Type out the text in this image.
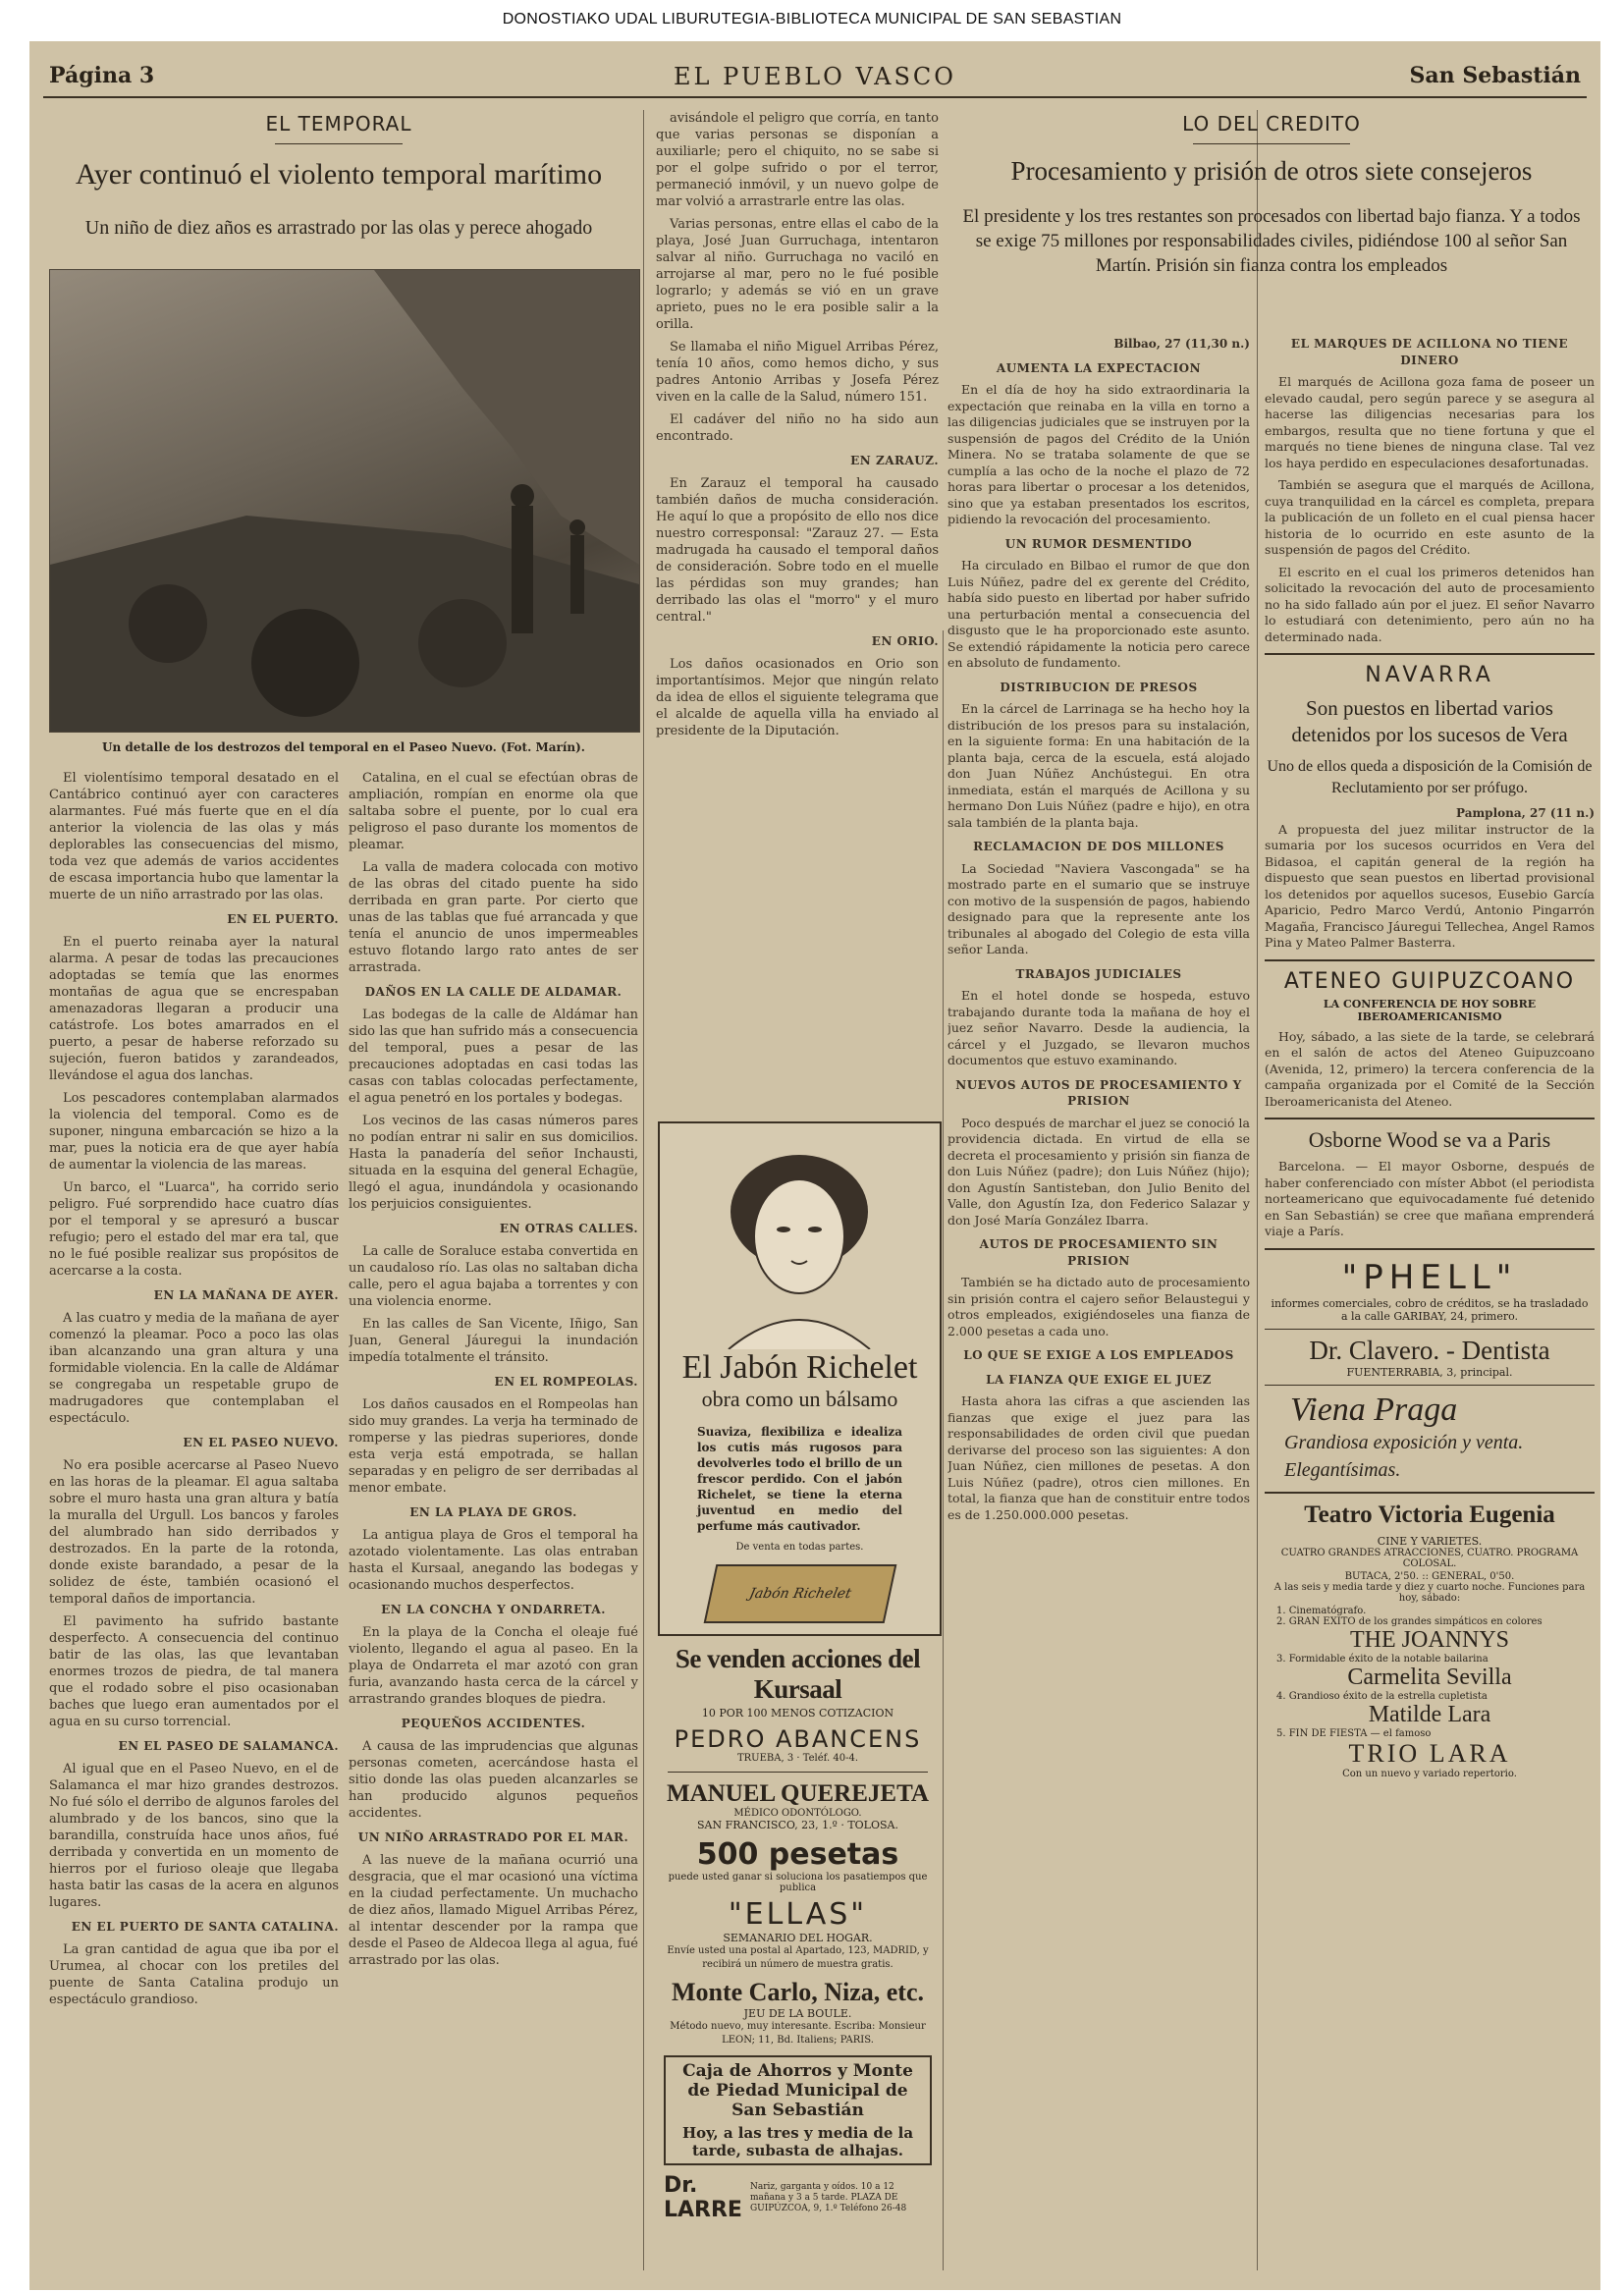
DONOSTIAKO UDAL LIBURUTEGIA-BIBLIOTECA MUNICIPAL DE SAN SEBASTIAN
Página 3	EL PUEBLO VASCO	San Sebastián
EL TEMPORAL
Ayer continuó el violento temporal marítimo
Un niño de diez años es arrastrado por las olas y perece ahogado
Un detalle de los destrozos del temporal en el Paseo Nuevo. (Fot. Marín).

El violentísimo temporal desatado en el Cantábrico continuó ayer con caracteres alarmantes. Fué más fuerte que en el día anterior la violencia de las olas y más deplorables las consecuencias del mismo, toda vez que además de varios accidentes de escasa importancia hubo que lamentar la muerte de un niño arrastrado por las olas.

EN EL PUERTO.

En el puerto reinaba ayer la natural alarma. A pesar de todas las precauciones adoptadas se temía que las enormes montañas de agua que se encrespaban amenazadoras llegaran a producir una catástrofe. Los botes amarrados en el puerto, a pesar de haberse reforzado su sujeción, fueron batidos y zarandeados, llevándose el agua dos lanchas.

Los pescadores contemplaban alarmados la violencia del temporal. Como es de suponer, ninguna embarcación se hizo a la mar, pues la noticia era de que ayer había de aumentar la violencia de las mareas.

Un barco, el "Luarca", ha corrido serio peligro. Fué sorprendido hace cuatro días por el temporal y se apresuró a buscar refugio; pero el estado del mar era tal, que no le fué posible realizar sus propósitos de acercarse a la costa.

EN LA MAÑANA DE AYER.

A las cuatro y media de la mañana de ayer comenzó la pleamar. Poco a poco las olas iban alcanzando una gran altura y una formidable violencia. En la calle de Aldámar se congregaba un respetable grupo de madrugadores que contemplaban el espectáculo.

EN EL PASEO NUEVO.

No era posible acercarse al Paseo Nuevo en las horas de la pleamar. El agua saltaba sobre el muro hasta una gran altura y batía la muralla del Urgull. Los bancos y faroles del alumbrado han sido derribados y destrozados. En la parte de la rotonda, donde existe barandado, a pesar de la solidez de éste, también ocasionó el temporal daños de importancia.

El pavimento ha sufrido bastante desperfecto. A consecuencia del continuo batir de las olas, las que levantaban enormes trozos de piedra, de tal manera que el rodado sobre el piso ocasionaban baches que luego eran aumentados por el agua en su curso torrencial.

EN EL PASEO DE SALAMANCA.

Al igual que en el Paseo Nuevo, en el de Salamanca el mar hizo grandes destrozos. No fué sólo el derribo de algunos faroles del alumbrado y de los bancos, sino que la barandilla, construída hace unos años, fué derribada y convertida en un momento de hierros por el furioso oleaje que llegaba hasta batir las casas de la acera en algunos lugares.

EN EL PUERTO DE SANTA CATALINA.

La gran cantidad de agua que iba por el Urumea, al chocar con los pretiles del puente de Santa Catalina produjo un espectáculo grandioso.

Catalina, en el cual se efectúan obras de ampliación, rompían en enorme ola que saltaba sobre el puente, por lo cual era peligroso el paso durante los momentos de pleamar.

La valla de madera colocada con motivo de las obras del citado puente ha sido derribada en gran parte. Por cierto que unas de las tablas que fué arrancada y que tenía el anuncio de unos impermeables estuvo flotando largo rato antes de ser arrastrada.

DAÑOS EN LA CALLE DE ALDAMAR.

Las bodegas de la calle de Aldámar han sido las que han sufrido más a consecuencia del temporal, pues a pesar de las precauciones adoptadas en casi todas las casas con tablas colocadas perfectamente, el agua penetró en los portales y bodegas.

Los vecinos de las casas números pares no podían entrar ni salir en sus domicilios. Hasta la panadería del señor Inchausti, situada en la esquina del general Echagüe, llegó el agua, inundándola y ocasionando los perjuicios consiguientes.

EN OTRAS CALLES.

La calle de Soraluce estaba convertida en un caudaloso río. Las olas no saltaban dicha calle, pero el agua bajaba a torrentes y con una violencia enorme.

En las calles de San Vicente, Iñigo, San Juan, General Jáuregui la inundación impedía totalmente el tránsito.

EN EL ROMPEOLAS.

Los daños causados en el Rompeolas han sido muy grandes. La verja ha terminado de romperse y las piedras superiores, donde esta verja está empotrada, se hallan separadas y en peligro de ser derribadas al menor embate.

EN LA PLAYA DE GROS.

La antigua playa de Gros el temporal ha azotado violentamente. Las olas entraban hasta el Kursaal, anegando las bodegas y ocasionando muchos desperfectos.

EN LA CONCHA Y ONDARRETA.

En la playa de la Concha el oleaje fué violento, llegando el agua al paseo. En la playa de Ondarreta el mar azotó con gran furia, avanzando hasta cerca de la cárcel y arrastrando grandes bloques de piedra.

PEQUEÑOS ACCIDENTES.

A causa de las imprudencias que algunas personas cometen, acercándose hasta el sitio donde las olas pueden alcanzarles se han producido algunos pequeños accidentes.

UN NIÑO ARRASTRADO POR EL MAR.

A las nueve de la mañana ocurrió una desgracia, que el mar ocasionó una víctima en la ciudad perfectamente. Un muchacho de diez años, llamado Miguel Arribas Pérez, al intentar descender por la rampa que desde el Paseo de Aldecoa llega al agua, fué arrastrado por las olas.

avisándole el peligro que corría, en tanto que varias personas se disponían a auxiliarle; pero el chiquito, no se sabe si por el golpe sufrido o por el terror, permaneció inmóvil, y un nuevo golpe de mar volvió a arrastrarle entre las olas.

Varias personas, entre ellas el cabo de la playa, José Juan Gurruchaga, intentaron salvar al niño. Gurruchaga no vaciló en arrojarse al mar, pero no le fué posible lograrlo; y además se vió en un grave aprieto, pues no le era posible salir a la orilla.

Se llamaba el niño Miguel Arribas Pérez, tenía 10 años, como hemos dicho, y sus padres Antonio Arribas y Josefa Pérez viven en la calle de la Salud, número 151.

El cadáver del niño no ha sido aun encontrado.

EN ZARAUZ.

En Zarauz el temporal ha causado también daños de mucha consideración. He aquí lo que a propósito de ello nos dice nuestro corresponsal: "Zarauz 27. — Esta madrugada ha causado el temporal daños de consideración. Sobre todo en el muelle las pérdidas son muy grandes; han derribado las olas el "morro" y el muro central."

EN ORIO.

Los daños ocasionados en Orio son importantísimos. Mejor que ningún relato da idea de ellos el siguiente telegrama que el alcalde de aquella villa ha enviado al presidente de la Diputación.

El Jabón Richelet
obra como un bálsamo
Suaviza, flexibiliza e idealiza los cutis más rugosos para devolverles todo el brillo de un frescor perdido. Con el jabón Richelet, se tiene la eterna juventud en medio del perfume más cautivador.
De venta en todas partes.
Jabón Richelet
Se venden acciones del Kursaal
10 POR 100 MENOS COTIZACION
PEDRO ABANCENS
TRUEBA, 3 · Teléf. 40-4.
MANUEL QUEREJETA
MÉDICO ODONTÓLOGO.
SAN FRANCISCO, 23, 1.º · TOLOSA.
500 pesetas
puede usted ganar si soluciona los pasatiempos que publica
"ELLAS"
SEMANARIO DEL HOGAR.
Envíe usted una postal al Apartado, 123, MADRID, y recibirá un número de muestra gratis.
Monte Carlo, Niza, etc.
JEU DE LA BOULE.
Método nuevo, muy interesante. Escriba: Monsieur LEON; 11, Bd. Italiens; PARIS.
Caja de Ahorros y Monte de Piedad Municipal de San Sebastián
Hoy, a las tres y media de la tarde, subasta de alhajas.
Dr. LARRE
Nariz, garganta y oídos. 10 a 12 mañana y 3 a 5 tarde. PLAZA DE GUIPÚZCOA, 9, 1.º Teléfono 26-48
LO DEL CREDITO
Procesamiento y prisión de otros siete consejeros
El presidente y los tres restantes son procesados con libertad bajo fianza. Y a todos se exige 75 millones por responsabilidades civiles, pidiéndose 100 al señor San Martín. Prisión sin fianza contra los empleados
Bilbao, 27 (11,30 n.)
AUMENTA LA EXPECTACION

En el día de hoy ha sido extraordinaria la expectación que reinaba en la villa en torno a las diligencias judiciales que se instruyen por la suspensión de pagos del Crédito de la Unión Minera. No se trataba solamente de que se cumplía a las ocho de la noche el plazo de 72 horas para libertar o procesar a los detenidos, sino que ya estaban presentados los escritos, pidiendo la revocación del procesamiento.

UN RUMOR DESMENTIDO

Ha circulado en Bilbao el rumor de que don Luis Núñez, padre del ex gerente del Crédito, había sido puesto en libertad por haber sufrido una perturbación mental a consecuencia del disgusto que le ha proporcionado este asunto. Se extendió rápidamente la noticia pero carece en absoluto de fundamento.

DISTRIBUCION DE PRESOS

En la cárcel de Larrinaga se ha hecho hoy la distribución de los presos para su instalación, en la siguiente forma: En una habitación de la planta baja, cerca de la escuela, está alojado don Juan Núñez Anchústegui. En otra inmediata, están el marqués de Acillona y su hermano Don Luis Núñez (padre e hijo), en otra sala también de la planta baja.

RECLAMACION DE DOS MILLONES

La Sociedad "Naviera Vascongada" se ha mostrado parte en el sumario que se instruye con motivo de la suspensión de pagos, habiendo designado para que la represente ante los tribunales al abogado del Colegio de esta villa señor Landa.

TRABAJOS JUDICIALES

En el hotel donde se hospeda, estuvo trabajando durante toda la mañana de hoy el juez señor Navarro. Desde la audiencia, la cárcel y el Juzgado, se llevaron muchos documentos que estuvo examinando.

NUEVOS AUTOS DE PROCESAMIENTO Y PRISION

Poco después de marchar el juez se conoció la providencia dictada. En virtud de ella se decreta el procesamiento y prisión sin fianza de don Luis Núñez (padre); don Luis Núñez (hijo); don Agustín Santisteban, don Julio Benito del Valle, don Agustín Iza, don Federico Salazar y don José María González Ibarra.

AUTOS DE PROCESAMIENTO SIN PRISION

También se ha dictado auto de procesamiento sin prisión contra el cajero señor Belaustegui y otros empleados, exigiéndoseles una fianza de 2.000 pesetas a cada uno.

LO QUE SE EXIGE A LOS EMPLEADOS
LA FIANZA QUE EXIGE EL JUEZ

Hasta ahora las cifras a que ascienden las fianzas que exige el juez para las responsabilidades de orden civil que puedan derivarse del proceso son las siguientes: A don Juan Núñez, cien millones de pesetas. A don Luis Núñez (padre), otros cien millones. En total, la fianza que han de constituir entre todos es de 1.250.000.000 pesetas.

EL MARQUES DE ACILLONA NO TIENE DINERO

El marqués de Acillona goza fama de poseer un elevado caudal, pero según parece y se asegura al hacerse las diligencias necesarias para los embargos, resulta que no tiene fortuna y que el marqués no tiene bienes de ninguna clase. Tal vez los haya perdido en especulaciones desafortunadas.

También se asegura que el marqués de Acillona, cuya tranquilidad en la cárcel es completa, prepara la publicación de un folleto en el cual piensa hacer historia de lo ocurrido en este asunto de la suspensión de pagos del Crédito.

El escrito en el cual los primeros detenidos han solicitado la revocación del auto de procesamiento no ha sido fallado aún por el juez. El señor Navarro lo estudiará con detenimiento, pero aún no ha determinado nada.

NAVARRA
Son puestos en libertad varios detenidos por los sucesos de Vera
Uno de ellos queda a disposición de la Comisión de Reclutamiento por ser prófugo.
Pamplona, 27 (11 n.)

A propuesta del juez militar instructor de la sumaria por los sucesos ocurridos en Vera del Bidasoa, el capitán general de la región ha dispuesto que sean puestos en libertad provisional los detenidos por aquellos sucesos, Eusebio García Aparicio, Pedro Marco Verdú, Antonio Pingarrón Magaña, Francisco Jáuregui Tellechea, Angel Ramos Pina y Mateo Palmer Basterra.

ATENEO GUIPUZCOANO
LA CONFERENCIA DE HOY SOBRE IBEROAMERICANISMO

Hoy, sábado, a las siete de la tarde, se celebrará en el salón de actos del Ateneo Guipuzcoano (Avenida, 12, primero) la tercera conferencia de la campaña organizada por el Comité de la Sección Iberoamericanista del Ateneo.

Osborne Wood se va a Paris

Barcelona. — El mayor Osborne, después de haber conferenciado con míster Abbot (el periodista norteamericano que equivocadamente fué detenido en San Sebastián) se cree que mañana emprenderá viaje a París.

"PHELL"
informes comerciales, cobro de créditos, se ha trasladado a la calle GARIBAY, 24, primero.
Dr. Clavero. - Dentista
FUENTERRABIA, 3, principal.
Viena Praga
Grandiosa exposición y venta. Elegantísimas.
Teatro Victoria Eugenia
CINE Y VARIETES.
CUATRO GRANDES ATRACCIONES, CUATRO. PROGRAMA COLOSAL.
BUTACA, 2'50. :: GENERAL, 0'50.
A las seis y media tarde y diez y cuarto noche. Funciones para hoy, sábado:
1. Cinematógrafo.
2. GRAN EXITO de los grandes simpáticos en colores
THE JOANNYS
3. Formidable éxito de la notable bailarina
Carmelita Sevilla
4. Grandioso éxito de la estrella cupletista
Matilde Lara
5. FIN DE FIESTA — el famoso
TRIO LARA
Con un nuevo y variado repertorio.
